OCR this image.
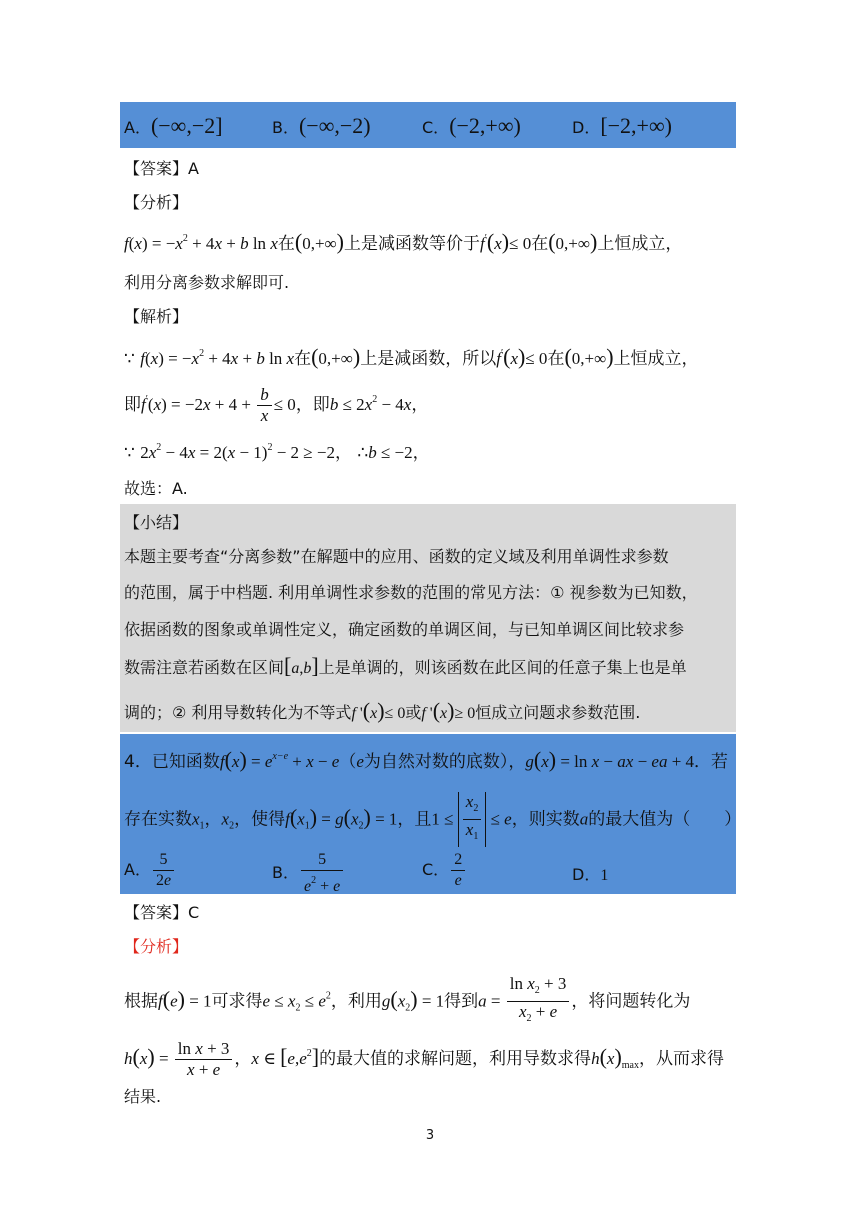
A．(−∞,−2]	B．(−∞,−2)	C．(−2,+∞)	D．[−2,+∞)
【答案】A
【分析】
$f(x) = -x^2 + 4x + b$ ln x在(0,+∞)上是减函数等价于f′(x)≤ 0在(0,+∞)上恒成立，
利用分离参数求解即可.
【解析】
∵ $f(x) = -x^2 + 4x + b$ ln x在(0,+∞)上是减函数，所以f′(x)≤ 0在(0,+∞)上恒成立，
即$f'(x) = -2x + 4 + \frac{b}{x} \le 0$，即$b \le 2x^2 - 4x$，
∵ $2x^2 - 4x = 2(x - 1)^2 - 2 \ge -2$， ∴b ≤ −2，
故选：A.
【小结】
本题主要考查“分离参数”在解题中的应用、函数的定义域及利用单调性求参数
的范围，属于中档题. 利用单调性求参数的范围的常见方法：① 视参数为已知数，
依据函数的图象或单调性定义，确定函数的单调区间，与已知单调区间比较求参
数需注意若函数在区间[a,b]上是单调的，则该函数在此区间的任意子集上也是单
调的；② 利用导数转化为不等式f '(x)≤ 0或f '(x)≥ 0恒成立问题求参数范围.
4．已知函数$f(x) = e^{x-e} + x - e(e$为自然对数的底数），g(x) = ln x − ax − ea + 4．若
存在实数$x_1$，$x_2$，使得$f(x_1) = g(x_2) = 1$，且$1 \le \frac{x_2}{x_1} \le e$，则实数a的最大值为（　　）
A． $\frac{5}{2e}$	B． $\frac{5}{e^2 + e}$	C． $\frac{2}{e}$	D．1
【答案】C
【分析】
根据f(e) = 1可求得$e \le x_2 \le e^2$，利用$g(x_2) = 1$得到$a = \frac{\ln x_2 + 3}{x_2 + e}$ ，将问题转化为
$h(x) = \frac{\text{ln x + 3}}{x + e}$ ，x ∈ $[e,e^2]$的最大值的求解问题，利用导数求得$h(x)_{max}$，从而求得
结果.
3
